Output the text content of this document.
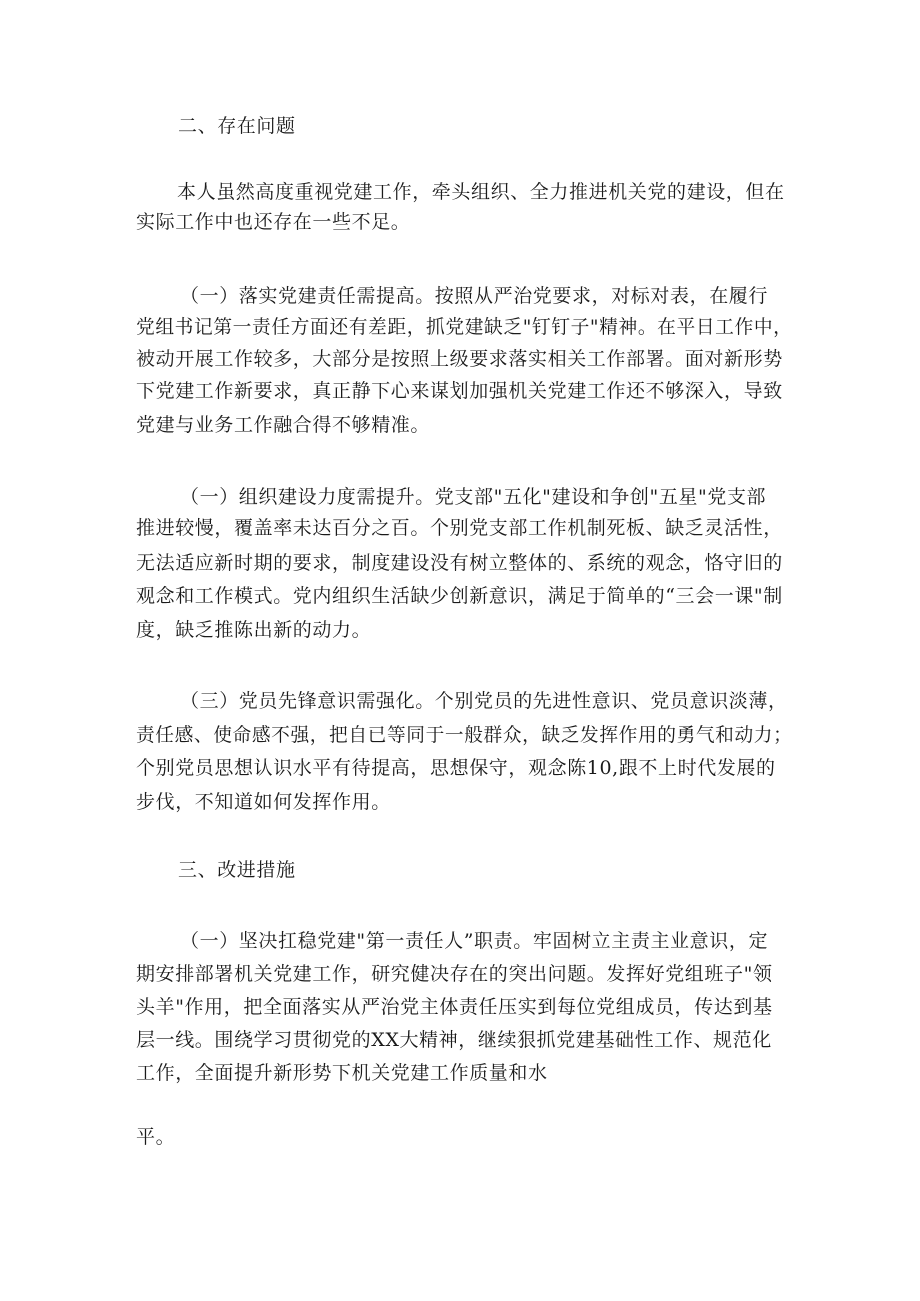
二、存在问题
本人虽然高度重视党建工作，牵头组织、全力推进机关党的建设，但在
实际工作中也还存在一些不足。
（一）落实党建责任需提高。按照从严治党要求，对标对表，在履行
党组书记第一责任方面还有差距，抓党建缺乏"钉钉子"精神。在平日工作中，
被动开展工作较多，大部分是按照上级要求落实相关工作部署。面对新形势
下党建工作新要求，真正静下心来谋划加强机关党建工作还不够深入，导致
党建与业务工作融合得不够精准。
（一）组织建设力度需提升。党支部"五化"建设和争创"五星"党支部
推进较慢，覆盖率未达百分之百。个别党支部工作机制死板、缺乏灵活性，
无法适应新时期的要求，制度建设没有树立整体的、系统的观念，恪守旧的
观念和工作模式。党内组织生活缺少创新意识，满足于简单的“三会一课"制
度，缺乏推陈出新的动力。
（三）党员先锋意识需强化。个别党员的先进性意识、党员意识淡薄，
责任感、使命感不强，把自已等同于一般群众，缺乏发挥作用的勇气和动力；
个别党员思想认识水平有待提高，思想保守，观念陈10,跟不上时代发展的
步伐，不知道如何发挥作用。
三、改进措施
（一）坚决扛稳党建"第一责任人”职责。牢固树立主责主业意识，定
期安排部署机关党建工作，研究健决存在的突出问题。发挥好党组班子"领
头羊"作用，把全面落实从严治党主体责任压实到每位党组成员，传达到基
层一线。围绕学习贯彻党的XX大精神，继续狠抓党建基础性工作、规范化
工作，全面提升新形势下机关党建工作质量和水
平。
